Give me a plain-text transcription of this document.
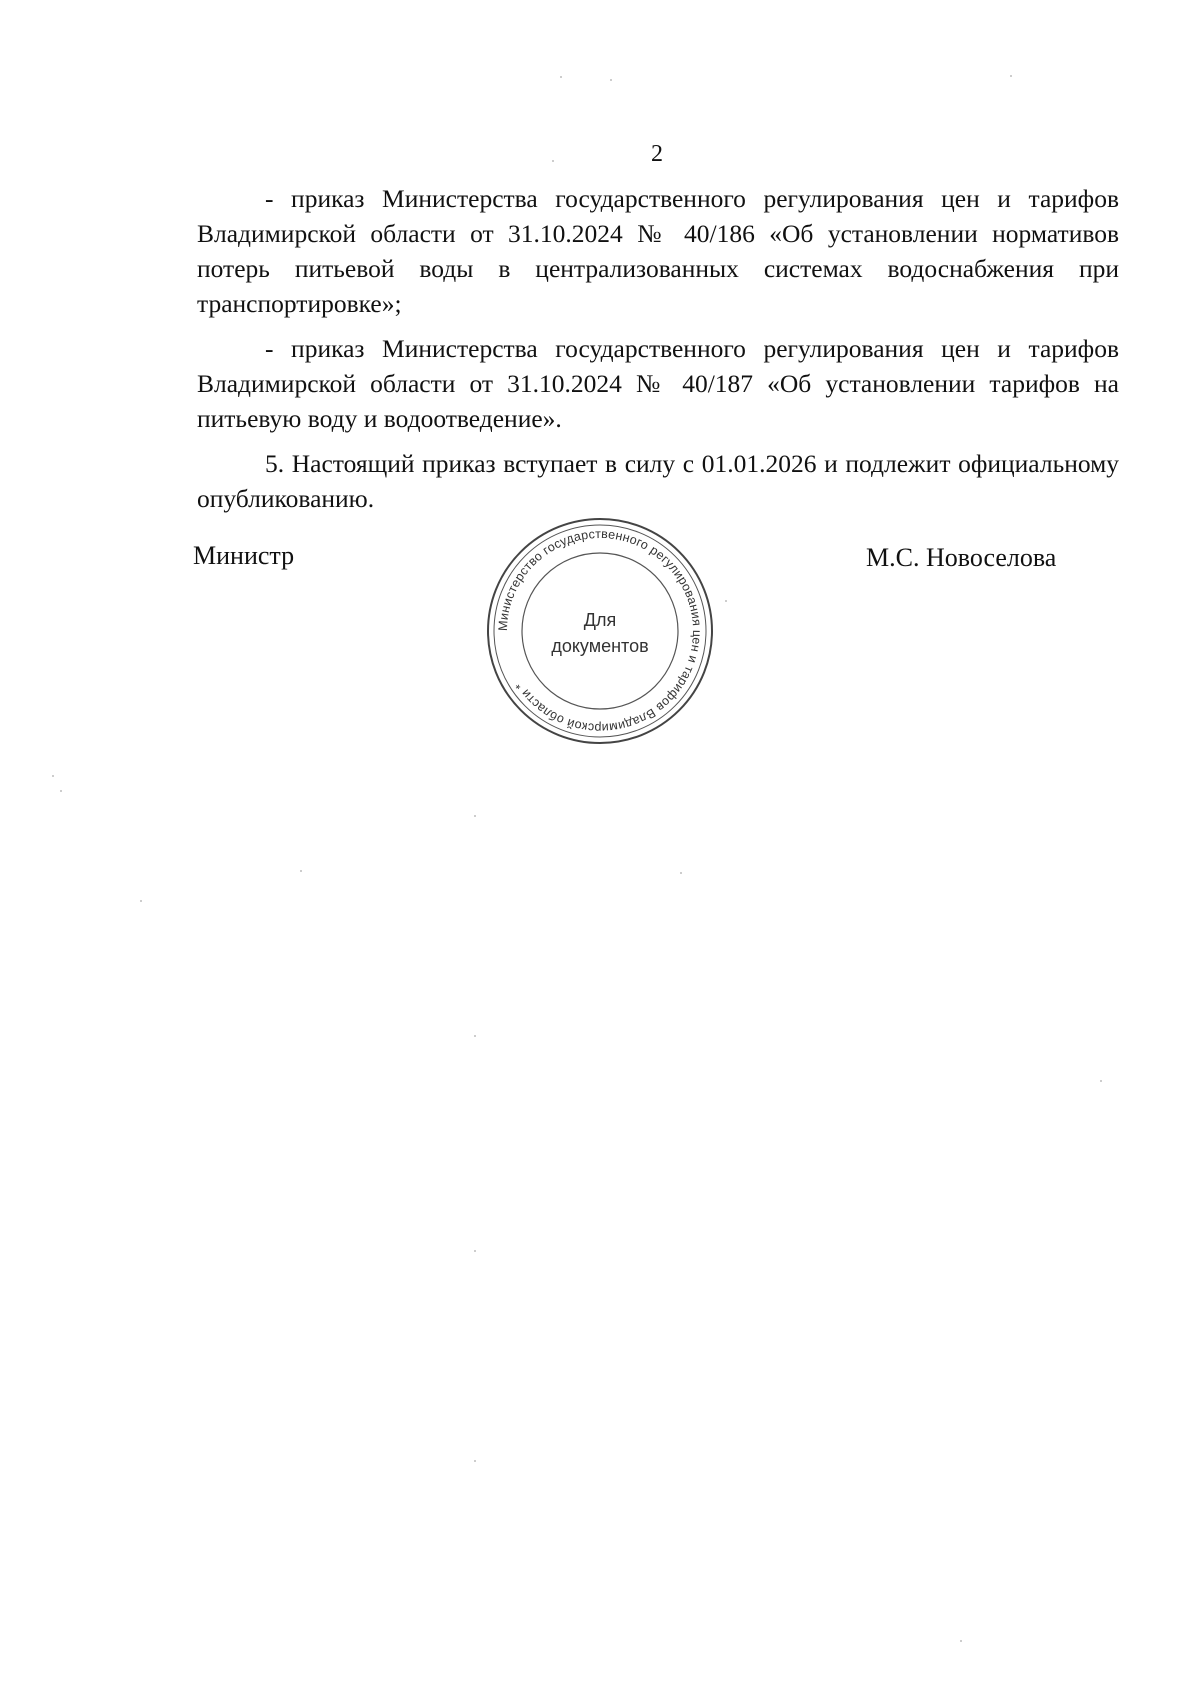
2

- приказ Министерства государственного регулирования цен и тарифов Владимирской области от 31.10.2024 № 40/186 «Об установлении нормативов потерь питьевой воды в централизованных системах водоснабжения при транспортировке»;

- приказ Министерства государственного регулирования цен и тарифов Владимирской области от 31.10.2024 № 40/187 «Об установлении тарифов на питьевую воду и водоотведение».

5. Настоящий приказ вступает в силу с 01.01.2026 и подлежит официальному опубликованию.

Министр	М.С. Новоселова
Министерство государственного регулирования цен и тарифов Владимирской области *
Для
документов
